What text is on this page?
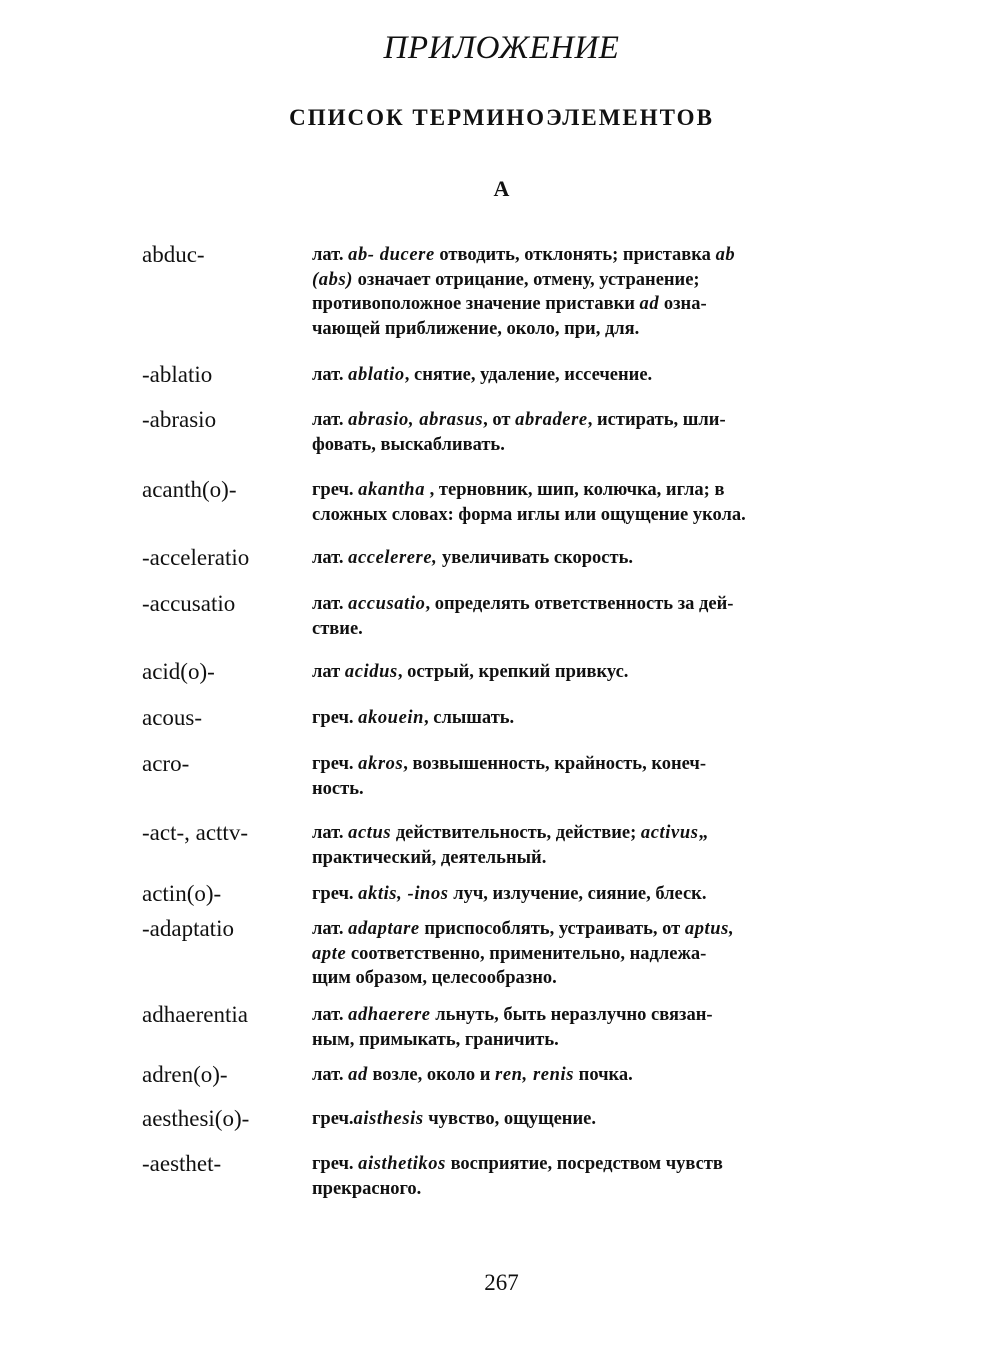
ПРИЛОЖЕНИЕ
СПИСОК ТЕРМИНОЭЛЕМЕНТОВ
А
abduc-	лат. ab- ducere отводить, отклонять; приставка ab
(abs) означает отрицание, отмену, устранение;
противоположное значение приставки ad озна-
чающей приближение, около, при, для.
-ablatio	лат. ablatio, снятие, удаление, иссечение.
-abrasio	лат. abrasio, abrasus, от abradere, истирать, шли-
фовать, выскабливать.
acanth(o)-	греч. akantha , терновник, шип, колючка, игла; в
сложных словах: форма иглы или ощущение укола.
-acceleratio	лат. accelerere, увеличивать скорость.
-accusatio	лат. accusatio, определять ответственность за дей-
ствие.
acid(o)-	лат acidus, острый, крепкий привкус.
acous-	греч. akouein, слышать.
acro-	греч. akros, возвышенность, крайность, конеч-
ность.
-act-, acttv-	лат. actus действительность, действие; activus„
практический, деятельный.
actin(o)-	греч. aktis, -inos луч, излучение, сияние, блеск.
-adaptatio	лат. adaptare приспособлять, устраивать, от aptus,
apte соответственно, применительно, надлежа-
щим образом, целесообразно.
adhaerentia	лат. adhaerere льнуть, быть неразлучно связан-
ным, примыкать, граничить.
adren(o)-	лат. ad возле, около и ren, renis почка.
aesthesi(o)-	греч.aisthesis чувство, ощущение.
-aesthet-	греч. aisthetikos восприятие, посредством чувств
прекрасного.
267
